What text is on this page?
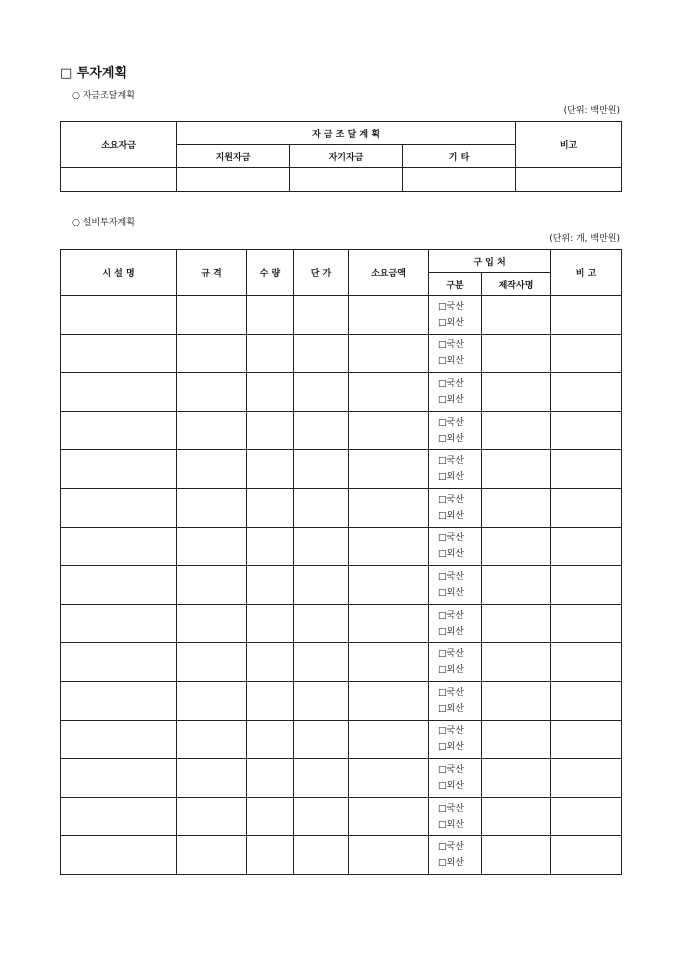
□ 투자계획
○ 자금조달계획
(단위: 백만원)
소요자금	자 금 조 달 계 획			비고
	지원자금	자기자금	기 타	

○ 설비투자계획
(단위: 개, 백만원)
시 설 명	규 격	수 량	단 가	소요금액	구 입 처		비 고
					구분	제작사명	

					□국산
□외산		

					□국산
□외산		

					□국산
□외산		

					□국산
□외산		

					□국산
□외산		

					□국산
□외산		

					□국산
□외산		

					□국산
□외산		

					□국산
□외산		

					□국산
□외산		

					□국산
□외산		

					□국산
□외산		

					□국산
□외산		

					□국산
□외산		

					□국산
□외산		
